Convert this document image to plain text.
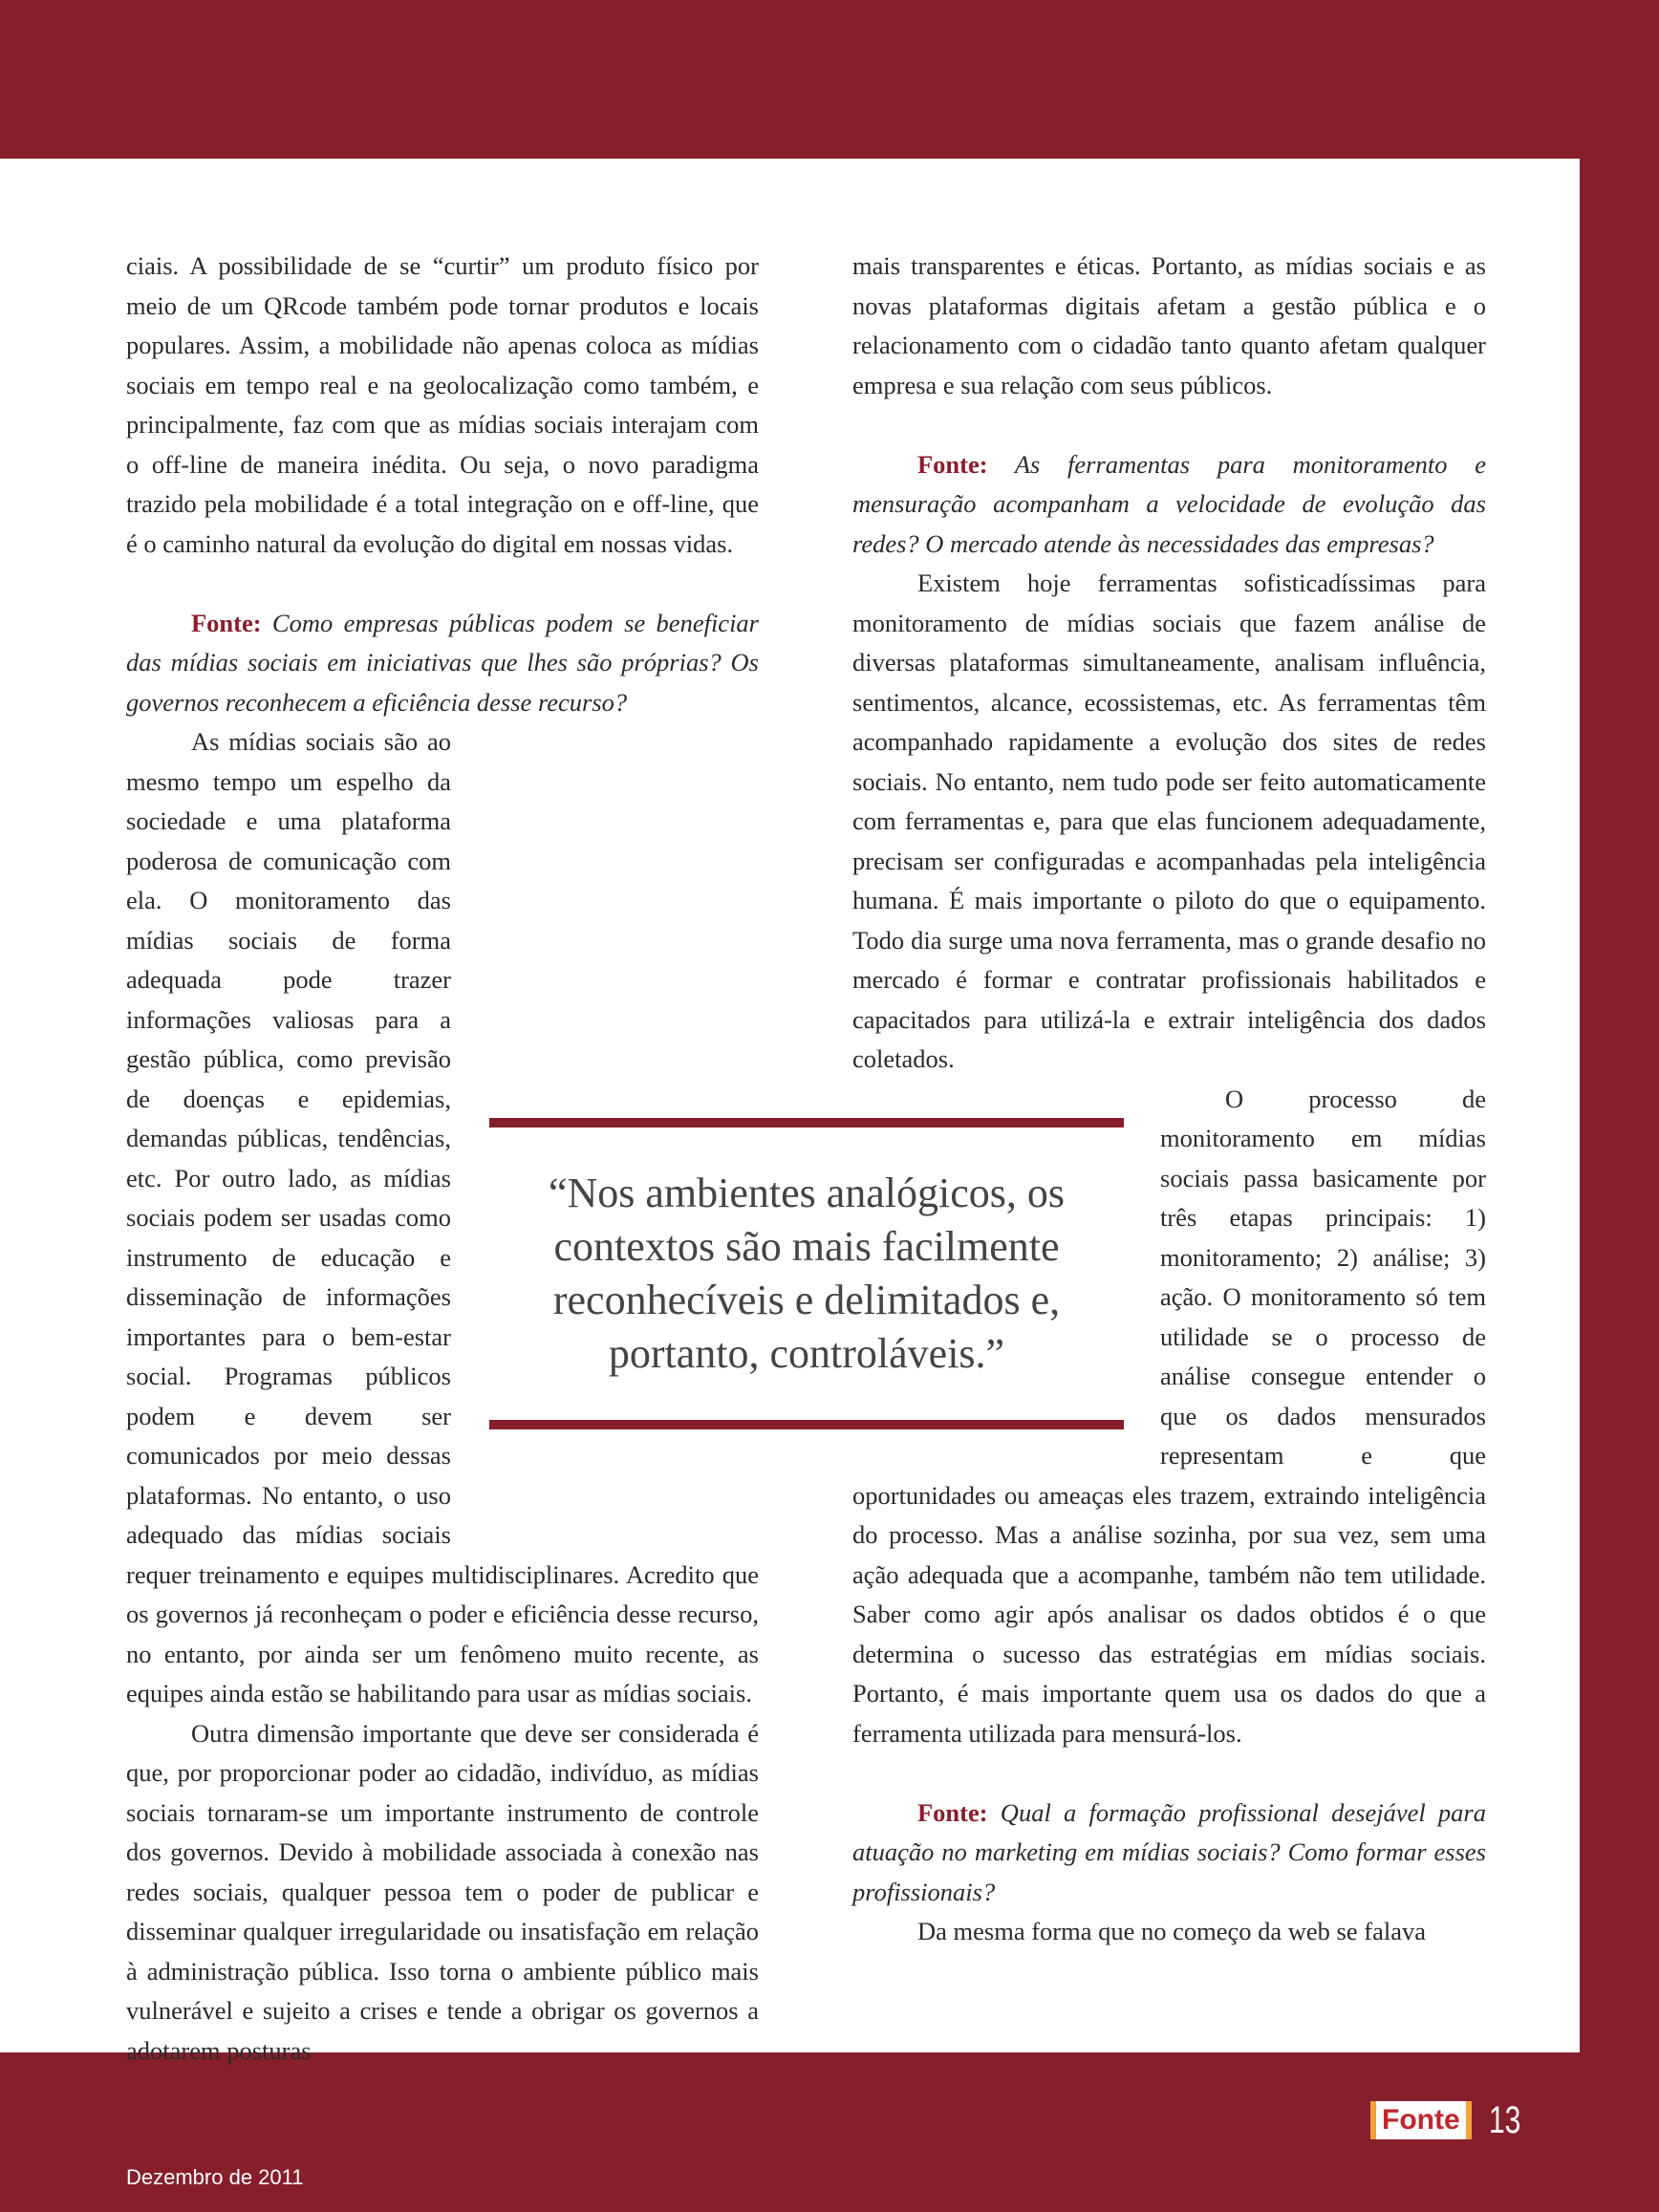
ciais. A possibilidade de se “curtir” um produto físico por meio de um QRcode também pode tornar produtos e locais populares. Assim, a mobilidade não apenas coloca as mídias sociais em tempo real e na geolocalização como também, e principalmente, faz com que as mídias sociais interajam com o off-line de maneira inédita. Ou seja, o novo paradigma trazido pela mobilidade é a total integração on e off-line, que é o caminho natural da evolução do digital em nossas vidas.

Fonte: Como empresas públicas podem se beneficiar das mídias sociais em iniciativas que lhes são próprias? Os governos reconhecem a eficiência desse recurso?

As mídias sociais são ao mesmo tempo um espelho da sociedade e uma plataforma poderosa de comunicação com ela. O monitoramento das mídias sociais de forma adequada pode trazer informações valiosas para a gestão pública, como previsão de doenças e epidemias, demandas públicas, tendências, etc. Por outro lado, as mídias sociais podem ser usadas como instrumento de educação e disseminação de informações importantes para o bem-estar social. Programas públicos podem e devem ser comunicados por meio dessas plataformas. No entanto, o uso adequado das mídias sociais requer treinamento e equipes multidisciplinares. Acredito que os governos já reconheçam o poder e eficiência desse recurso, no entanto, por ainda ser um fenômeno muito recente, as equipes ainda estão se habilitando para usar as mídias sociais.

Outra dimensão importante que deve ser considerada é que, por proporcionar poder ao cidadão, indivíduo, as mídias sociais tornaram-se um importante instrumento de controle dos governos. Devido à mobilidade associada à conexão nas redes sociais, qualquer pessoa tem o poder de publicar e disseminar qualquer irregularidade ou insatisfação em relação à administração pública. Isso torna o ambiente público mais vulnerável e sujeito a crises e tende a obrigar os governos a adotarem posturas

mais transparentes e éticas. Portanto, as mídias sociais e as novas plataformas digitais afetam a gestão pública e o relacionamento com o cidadão tanto quanto afetam qualquer empresa e sua relação com seus públicos.

Fonte: As ferramentas para monitoramento e mensuração acompanham a velocidade de evolução das redes? O mercado atende às necessidades das empresas?

Existem hoje ferramentas sofisticadíssimas para monitoramento de mídias sociais que fazem análise de diversas plataformas simultaneamente, analisam influência, sentimentos, alcance, ecossistemas, etc. As ferramentas têm acompanhado rapidamente a evolução dos sites de redes sociais. No entanto, nem tudo pode ser feito automaticamente com ferramentas e, para que elas funcionem adequadamente, precisam ser configuradas e acompanhadas pela inteligência humana. É mais importante o piloto do que o equipamento. Todo dia surge uma nova ferramenta, mas o grande desafio no mercado é formar e contratar profissionais habilitados e capacitados para utilizá-la e extrair inteligência dos dados coletados.

O processo de monitoramento em mídias sociais passa basicamente por três etapas principais: 1) monitoramento; 2) análise; 3) ação. O monitoramento só tem utilidade se o processo de análise consegue entender o que os dados mensurados representam e que oportunidades ou ameaças eles trazem, extraindo inteligência do processo. Mas a análise sozinha, por sua vez, sem uma ação adequada que a acompanhe, também não tem utilidade. Saber como agir após analisar os dados obtidos é o que determina o sucesso das estratégias em mídias sociais. Portanto, é mais importante quem usa os dados do que a ferramenta utilizada para mensurá-los.

Fonte: Qual a formação profissional desejável para atuação no marketing em mídias sociais? Como formar esses profissionais?

Da mesma forma que no começo da web se falava

“Nos ambientes analógicos, os contextos são mais facilmente reconhecíveis e delimitados e, portanto, controláveis.”

Dezembro de 2011
Fonte 13
